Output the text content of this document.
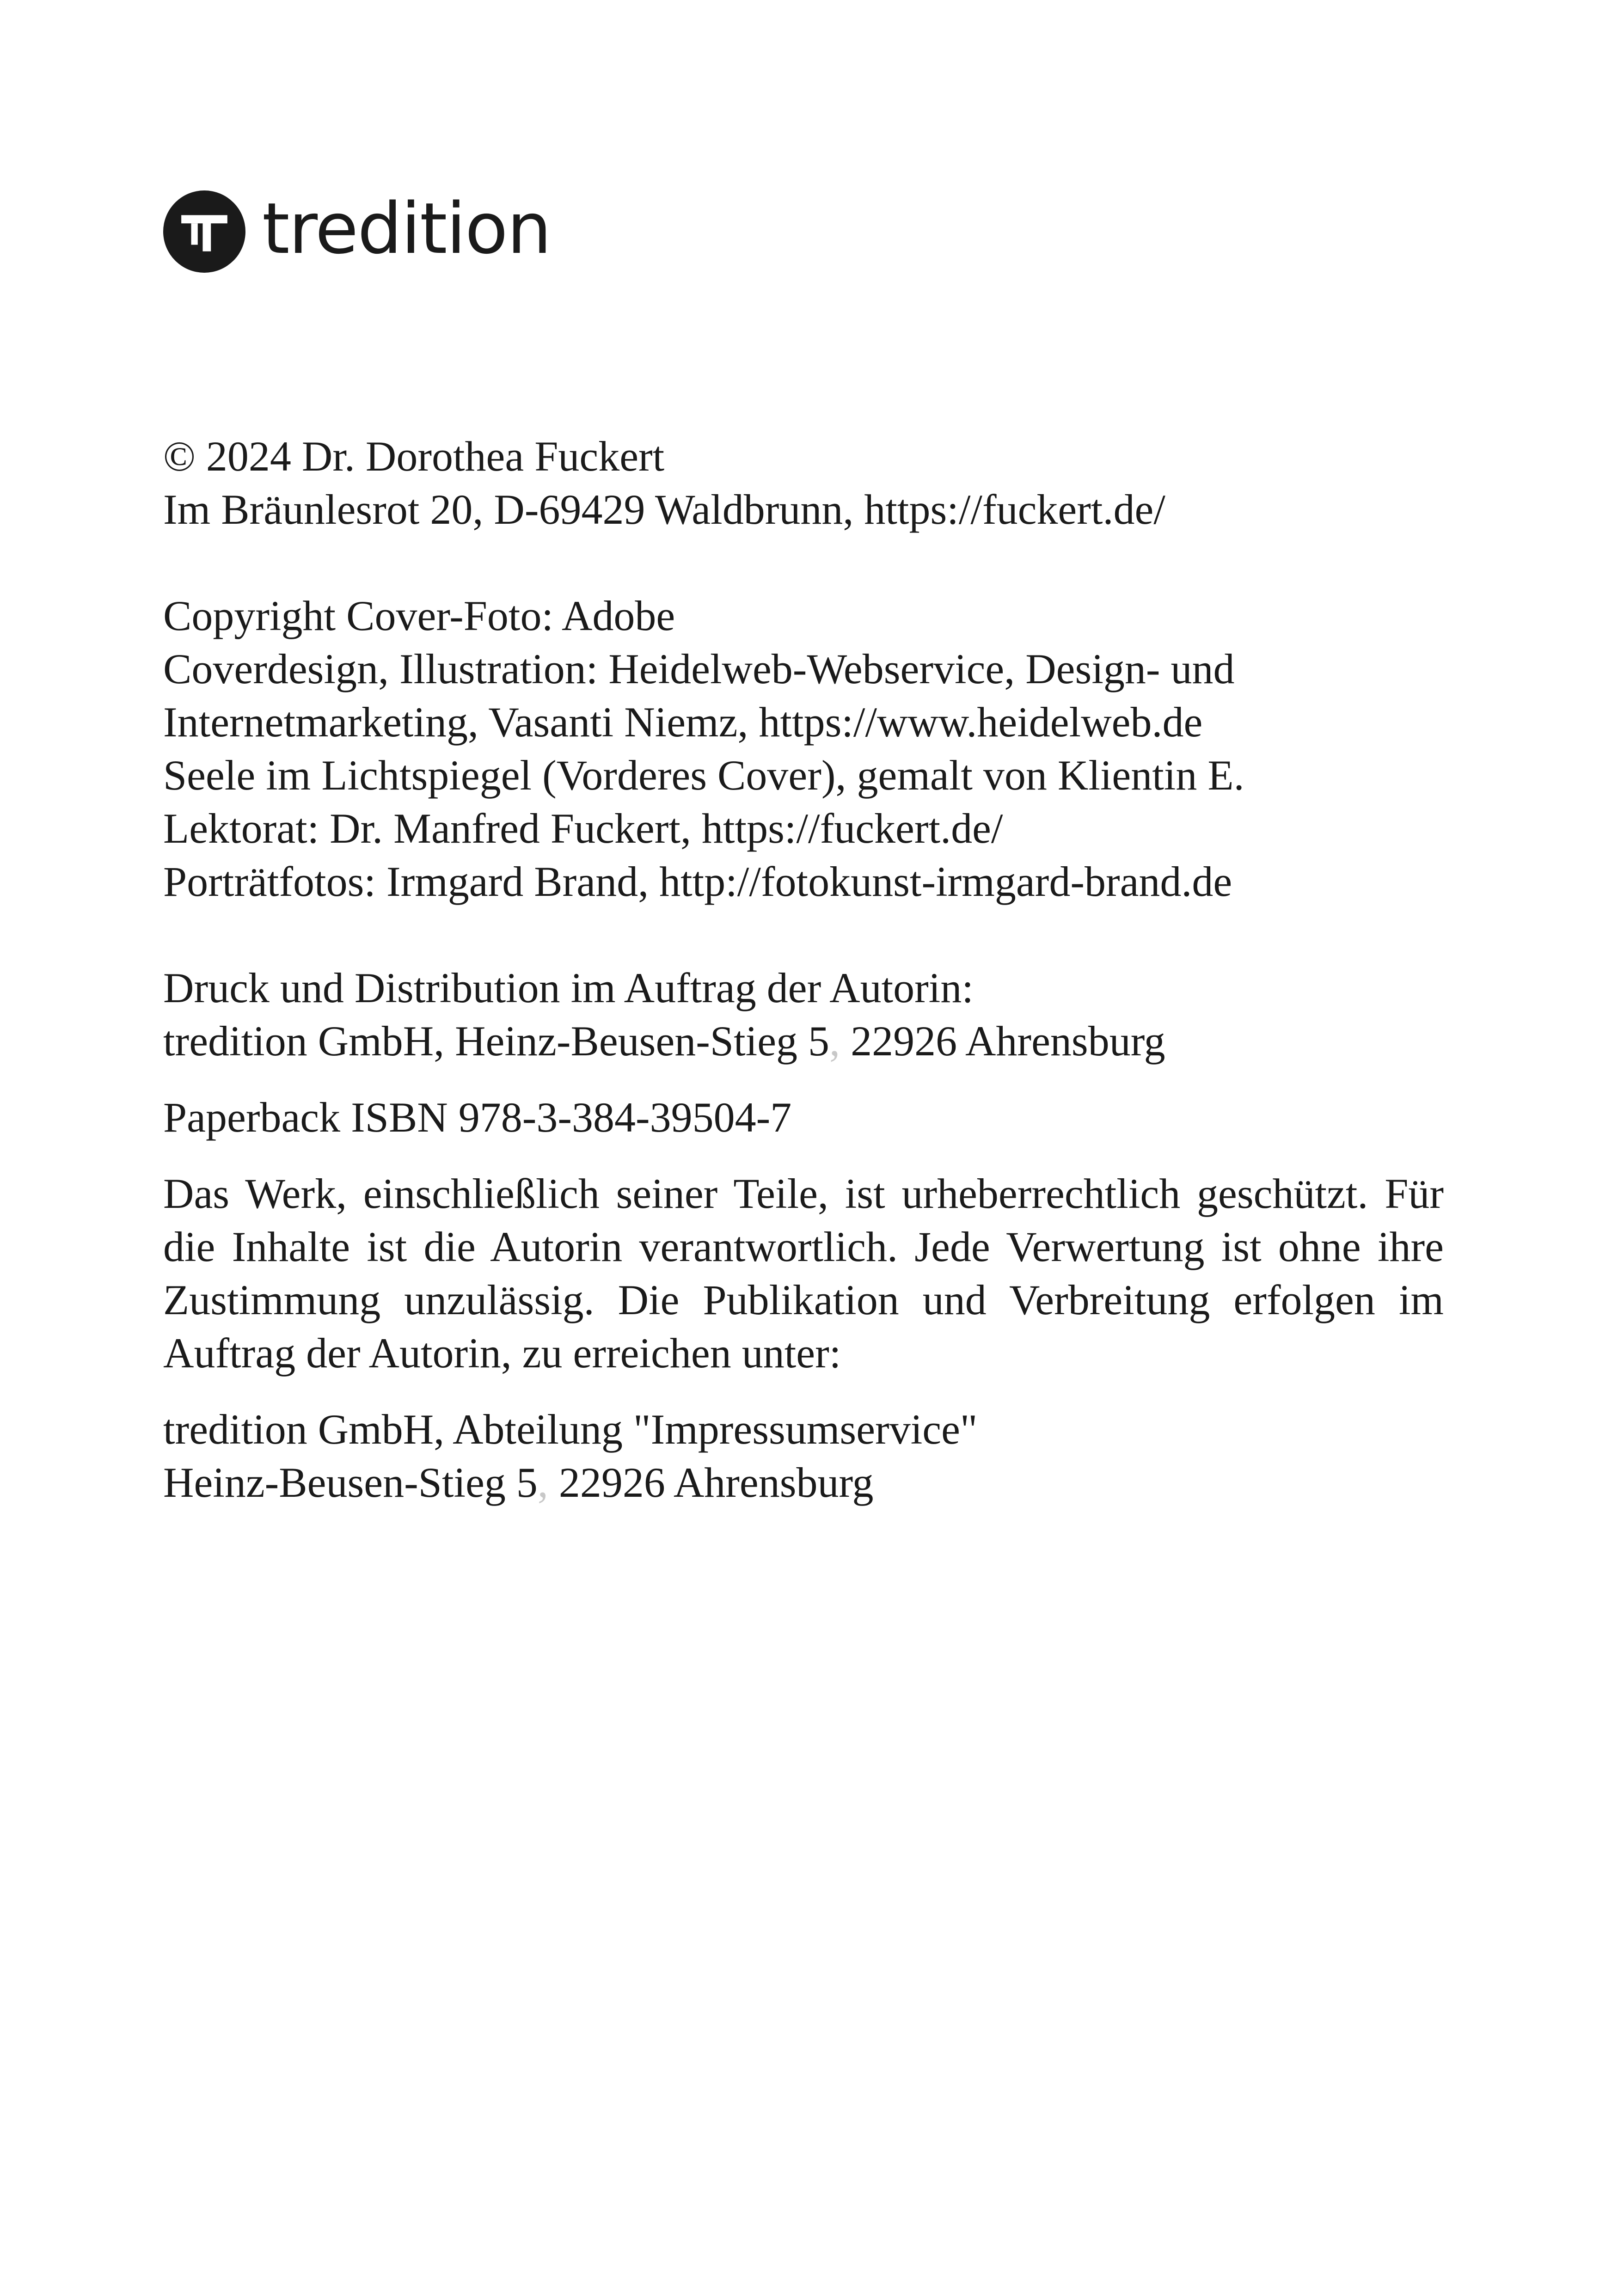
tredition
© 2024 Dr. Dorothea Fuckert
Im Bräunlesrot 20, D-69429 Waldbrunn, https://fuckert.de/
Copyright Cover-Foto: Adobe
Coverdesign, Illustration: Heidelweb-Webservice, Design- und
Internetmarketing, Vasanti Niemz, https://www.heidelweb.de
Seele im Lichtspiegel (Vorderes Cover), gemalt von Klientin E.
Lektorat: Dr. Manfred Fuckert, https://fuckert.de/
Porträtfotos: Irmgard Brand, http://fotokunst-irmgard-brand.de
Druck und Distribution im Auftrag der Autorin:
tredition GmbH, Heinz-Beusen-Stieg 5, 22926 Ahrensburg
Paperback ISBN 978-3-384-39504-7
Das Werk, einschließlich seiner Teile, ist urheberrechtlich geschützt. Für die Inhalte ist die Autorin verantwortlich. Jede Verwertung ist ohne ihre Zustimmung unzulässig. Die Publikation und Verbreitung erfolgen im Auftrag der Autorin, zu erreichen unter:
tredition GmbH, Abteilung "Impressumservice"
Heinz-Beusen-Stieg 5, 22926 Ahrensburg
